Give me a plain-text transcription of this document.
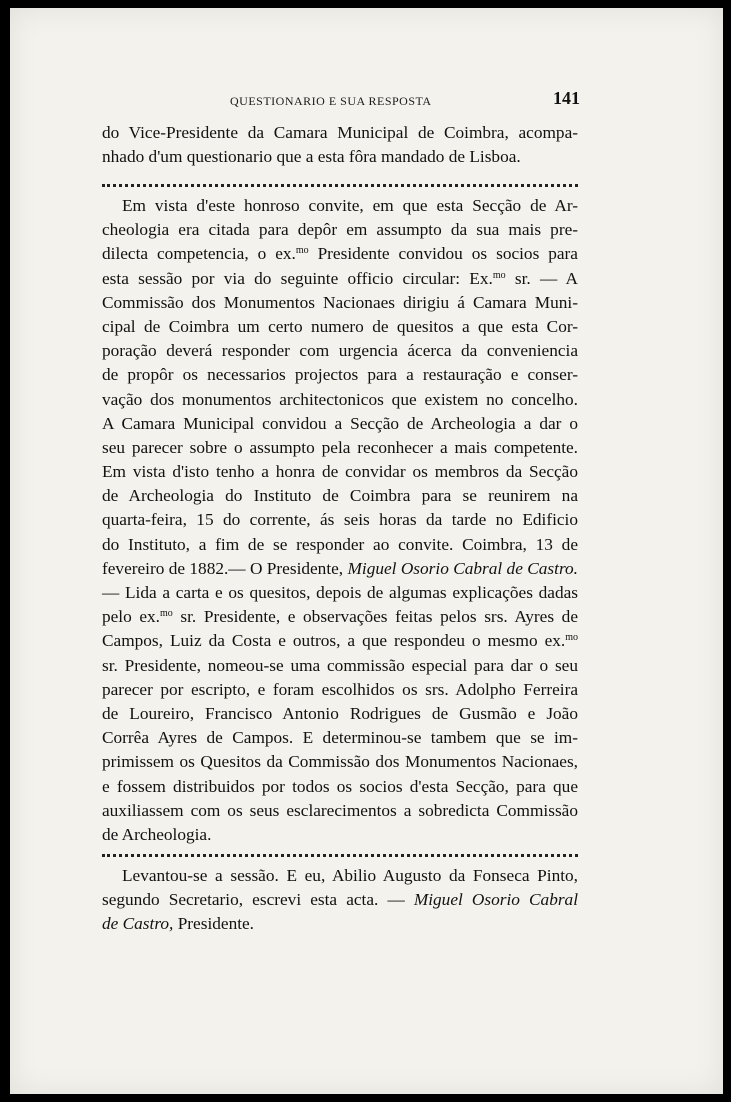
QUESTIONARIO E SUA RESPOSTA	141
do Vice-Presidente da Camara Municipal de Coimbra, acompa-
nhado d'um questionario que a esta fôra mandado de Lisboa.
Em vista d'este honroso convite, em que esta Secção de Ar-
cheologia era citada para depôr em assumpto da sua mais pre-
dilecta competencia, o ex.$^{mo}$ Presidente convidou os socios para
esta sessão por via do seguinte officio circular: Ex.$^{mo}$ sr. — A
Commissão dos Monumentos Nacionaes dirigiu á Camara Muni-
cipal de Coimbra um certo numero de quesitos a que esta Cor-
poração deverá responder com urgencia ácerca da conveniencia
de propôr os necessarios projectos para a restauração e conser-
vação dos monumentos architectonicos que existem no concelho.
A Camara Municipal convidou a Secção de Archeologia a dar o
seu parecer sobre o assumpto pela reconhecer a mais competente.
Em vista d'isto tenho a honra de convidar os membros da Secção
de Archeologia do Instituto de Coimbra para se reunirem na
quarta-feira, 15 do corrente, ás seis horas da tarde no Edificio
do Instituto, a fim de se responder ao convite. Coimbra, 13 de
fevereiro de 1882.— O Presidente, Miguel Osorio Cabral de Castro.
— Lida a carta e os quesitos, depois de algumas explicações dadas
pelo ex.$^{mo}$ sr. Presidente, e observações feitas pelos srs. Ayres de
Campos, Luiz da Costa e outros, a que respondeu o mesmo ex.$^{mo}$
sr. Presidente, nomeou-se uma commissão especial para dar o seu
parecer por escripto, e foram escolhidos os srs. Adolpho Ferreira
de Loureiro, Francisco Antonio Rodrigues de Gusmão e João
Corrêa Ayres de Campos. E determinou-se tambem que se im-
primissem os Quesitos da Commissão dos Monumentos Nacionaes,
e fossem distribuidos por todos os socios d'esta Secção, para que
auxiliassem com os seus esclarecimentos a sobredicta Commissão
de Archeologia.
Levantou-se a sessão. E eu, Abilio Augusto da Fonseca Pinto,
segundo Secretario, escrevi esta acta. — Miguel Osorio Cabral
de Castro, Presidente.
